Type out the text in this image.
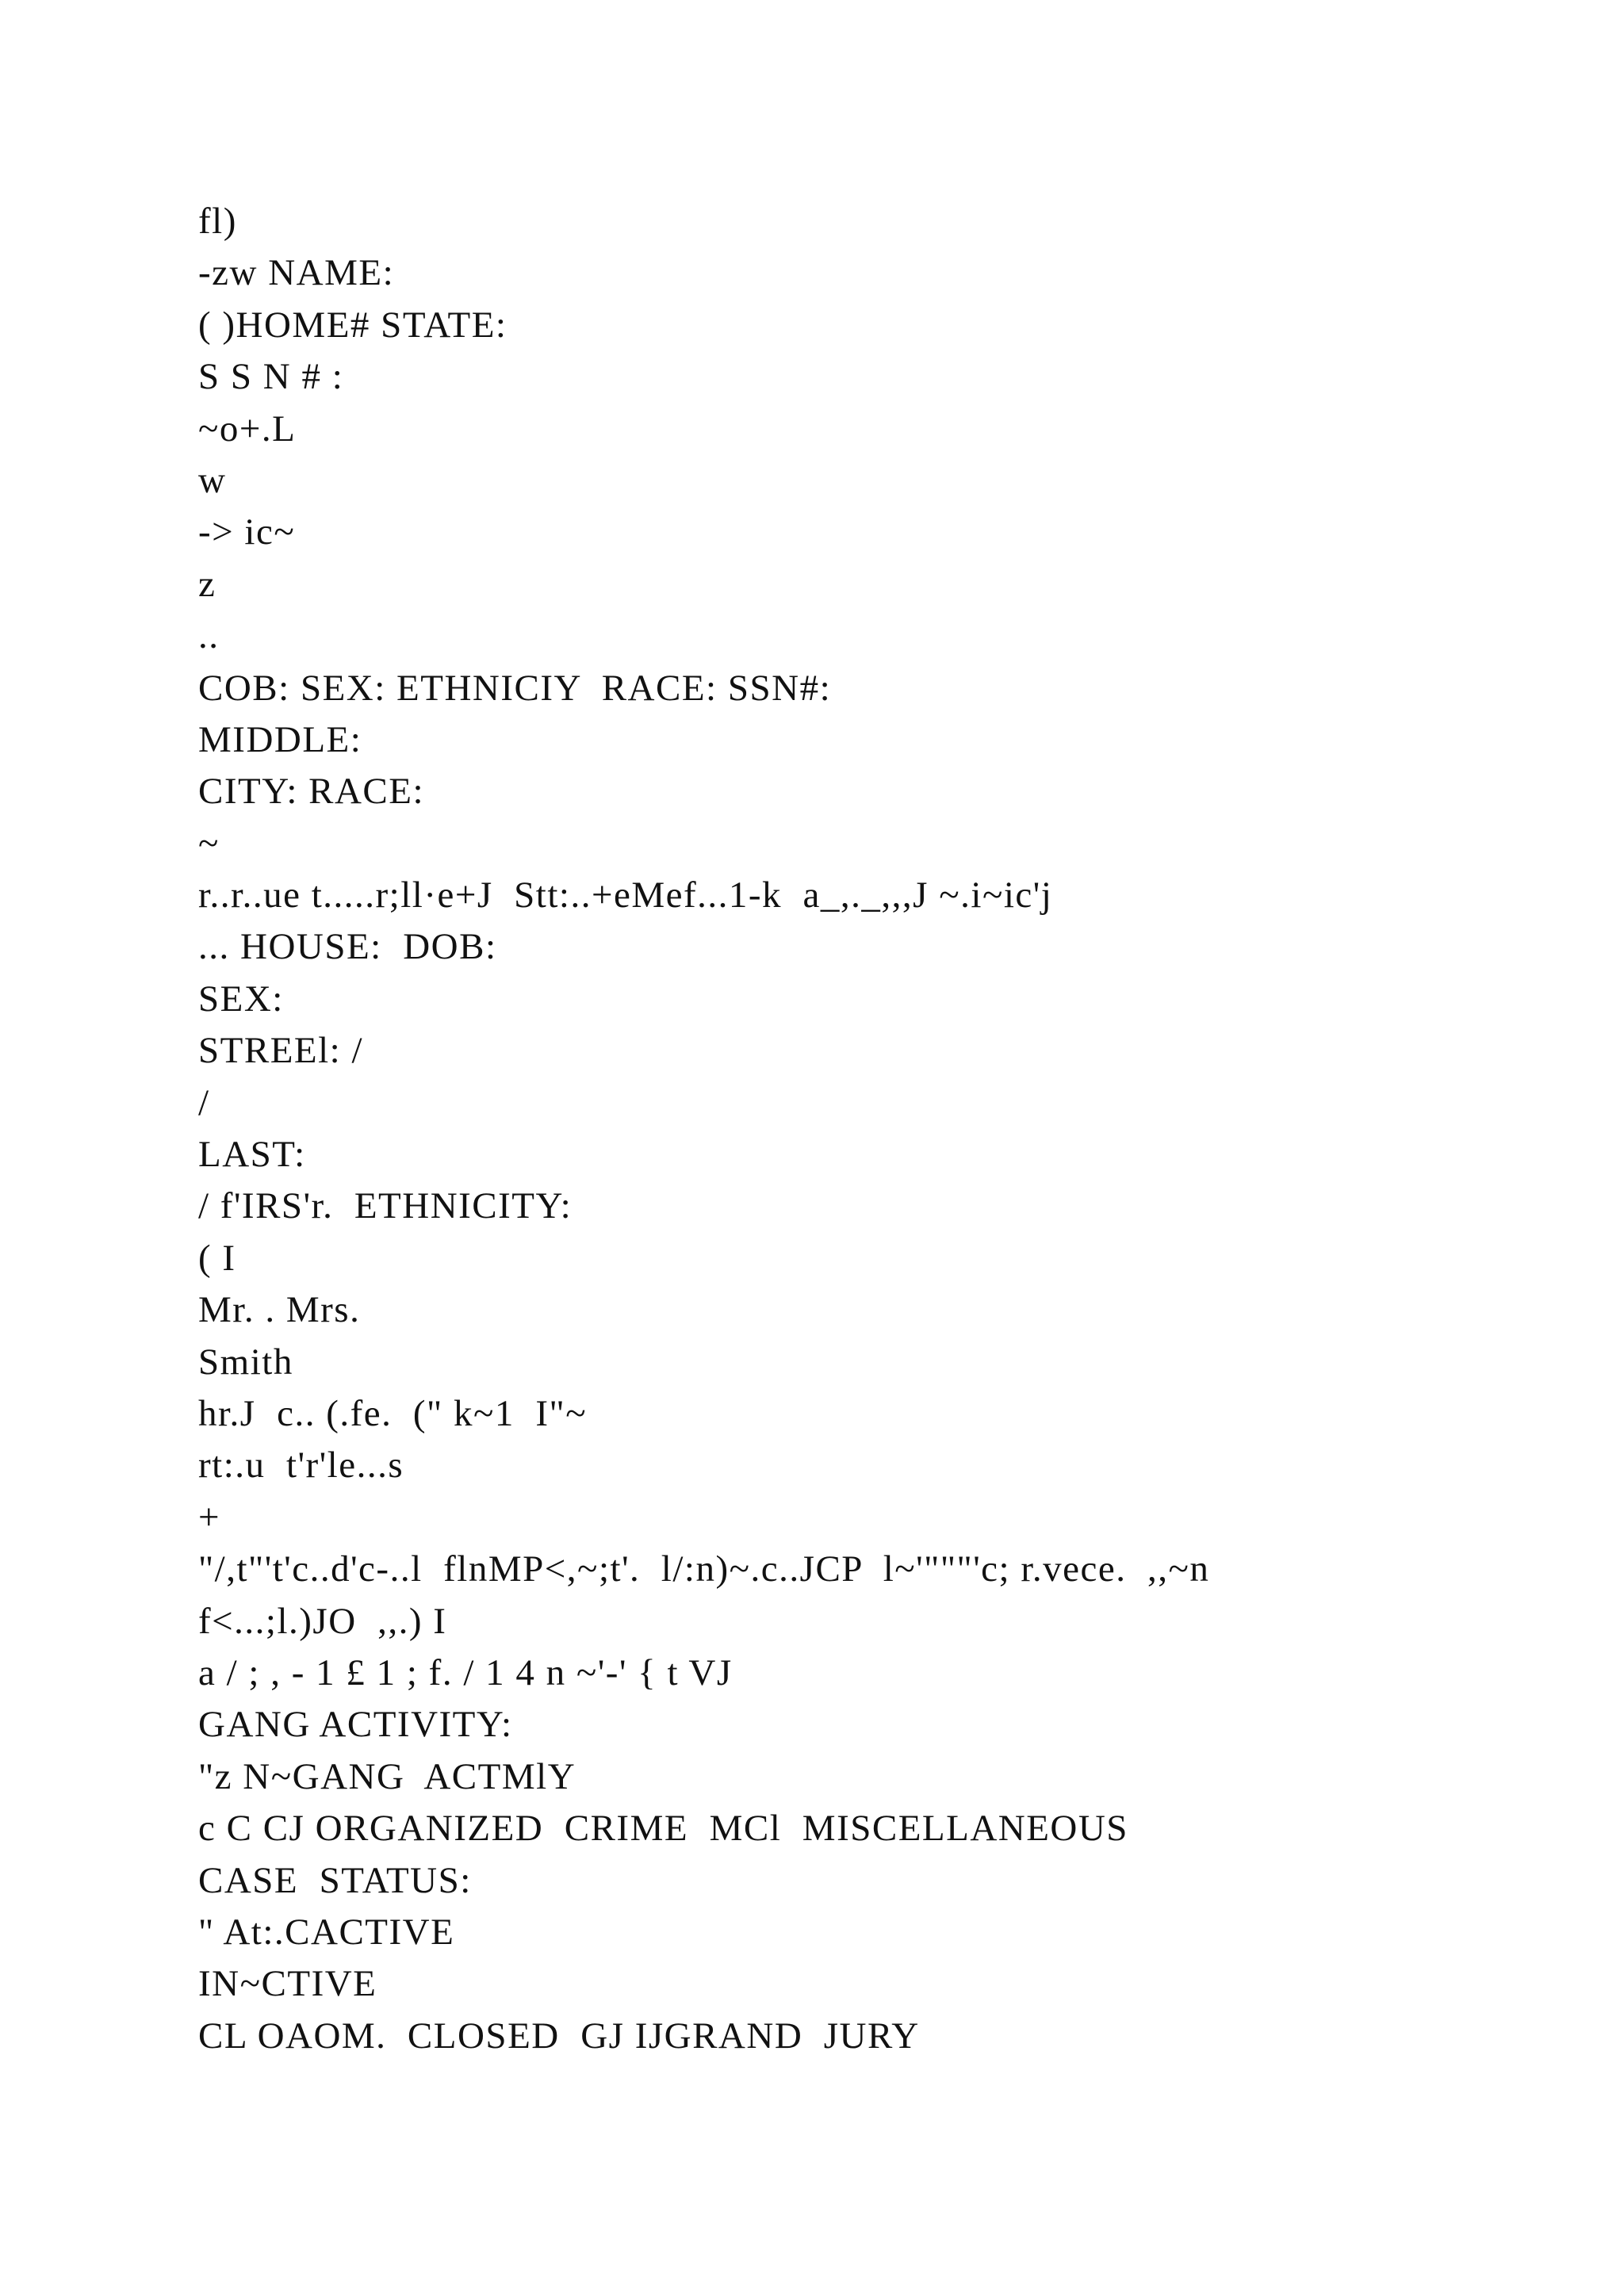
fl)
-zw NAME:
( )HOME# STATE:
S S N # :
~o+.L
w
-> ic~
z
..
COB: SEX: ETHNICIY  RACE: SSN#:
MIDDLE:
CITY: RACE:
~
r..r..ue t.....r;ll·e+J  Stt:..+eMef...1-k  a_,._,,,J ~.i~ic'j
... HOUSE:  DOB:
SEX:
STREEl: /
/
LAST:
/ f'IRS'r.  ETHNICITY:
( I
Mr. . Mrs.
Smith
hr.J  c.. (.fe.  (" k~1  I"~
rt:.u  t'r'le...s
+
"/,t"'t'c..d'c-..l  flnMP<,~;t'.  l/:n)~.c..JCP  l~'"""'c; r.vece.  ,,~n
f<...;l.)JO  ,,.) I
a / ; , - 1 £ 1 ; f. / 1 4 n ~'-' { t VJ
GANG ACTIVITY:
"z N~GANG  ACTMlY
c C CJ ORGANIZED  CRIME  MCl  MISCELLANEOUS
CASE  STATUS:
" At:.CACTIVE
IN~CTIVE
CL OAOM.  CLOSED  GJ IJGRAND  JURY
